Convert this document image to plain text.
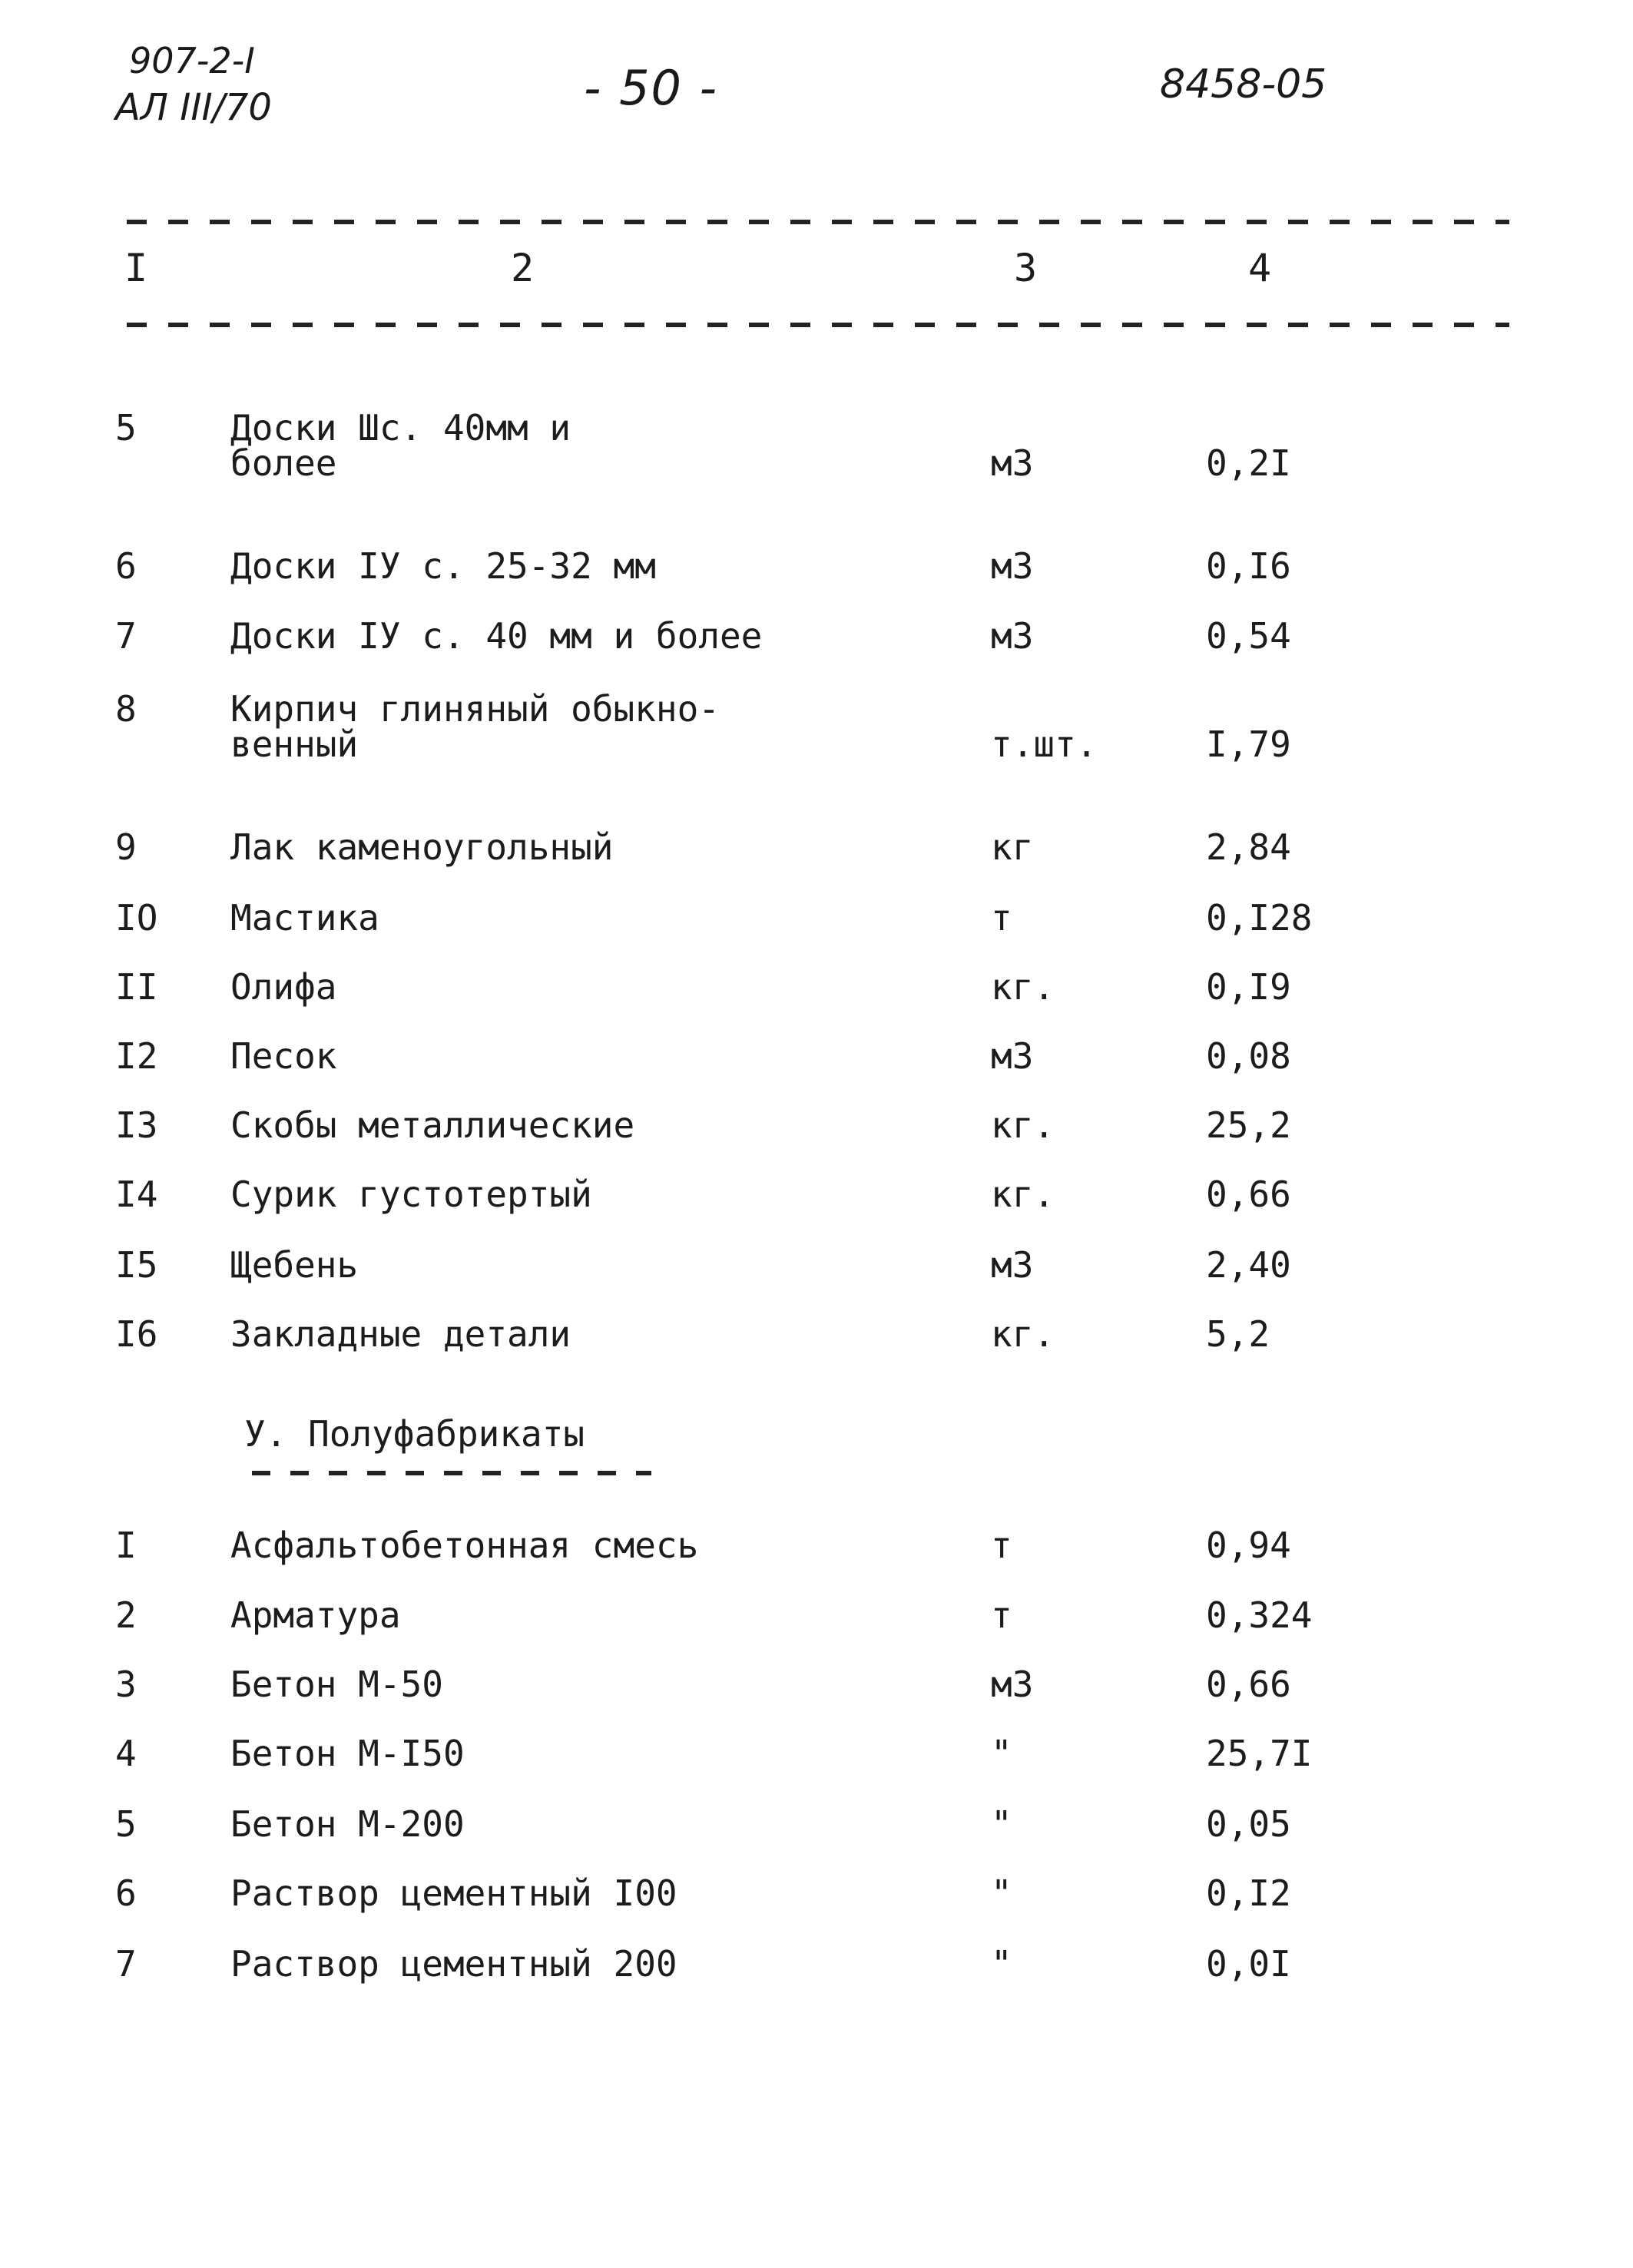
907-2-I
АЛ III/70	- 50 -	8458-05
I	2	3	4
5	Доски Шс. 40мм и
более	м3	0,2I
6	Доски IУ с. 25-32 мм	м3	0,I6
7	Доски IУ с. 40 мм и более	м3	0,54
8	Кирпич глиняный обыкно-
венный	т.шт.	I,79
9	Лак каменоугольный	кг	2,84
IO Мастика	т	0,I28
II Олифа	кг.	0,I9
I2 Песок	м3	0,08
I3 Скобы металлические	кг.	25,2
I4 Сурик густотертый	кг.	0,66
I5 Щебень	м3	2,40
I6 Закладные детали	кг.	5,2
У. Полуфабрикаты
I	Асфальтобетонная смесь	т	0,94
2	Арматура	т	0,324
3	Бетон М-50	м3	0,66
4	Бетон М-I50	"	25,7I
5	Бетон М-200	"	0,05
6	Раствор цементный I00	"	0,I2
7	Раствор цементный 200	"	0,0I
